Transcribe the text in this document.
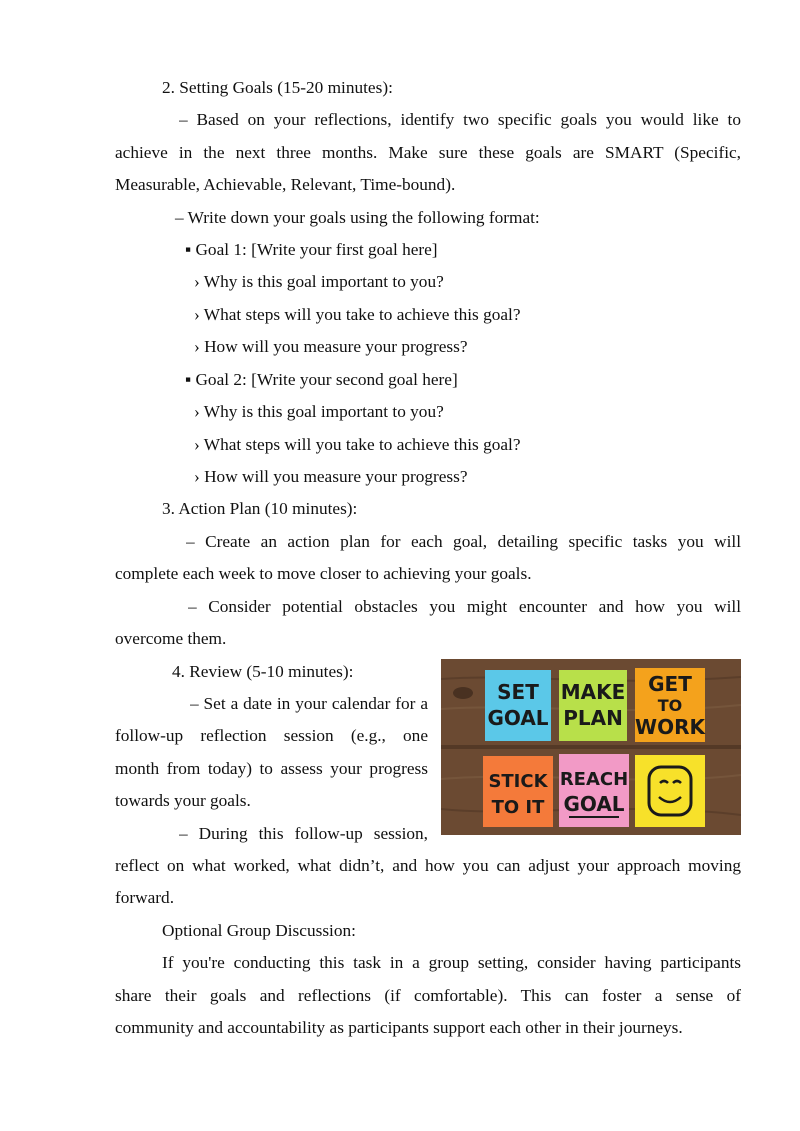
2. Setting Goals (15-20 minutes):
– Based on your reflections, identify two specific goals you would like to
achieve in the next three months. Make sure these goals are SMART (Specific,
Measurable, Achievable, Relevant, Time-bound).
– Write down your goals using the following format:
▪ Goal 1: [Write your first goal here]
› Why is this goal important to you?
› What steps will you take to achieve this goal?
› How will you measure your progress?
▪ Goal 2: [Write your second goal here]
› Why is this goal important to you?
› What steps will you take to achieve this goal?
› How will you measure your progress?
3. Action Plan (10 minutes):
– Create an action plan for each goal, detailing specific tasks you will
complete each week to move closer to achieving your goals.
– Consider potential obstacles you might encounter and how you will
overcome them.
4. Review (5-10 minutes):
– Set a date in your calendar for a
follow-up reflection session (e.g., one
month from today) to assess your progress
towards your goals.
– During this follow-up session,
reflect on what worked, what didn’t, and how you can adjust your approach moving
forward.
Optional Group Discussion:
If you're conducting this task in a group setting, consider having participants
share their goals and reflections (if comfortable). This can foster a sense of
community and accountability as participants support each other in their journeys.
SET
GOAL
MAKE
PLAN
GET
TO
WORK
STICK
TO IT
REACH
GOAL
